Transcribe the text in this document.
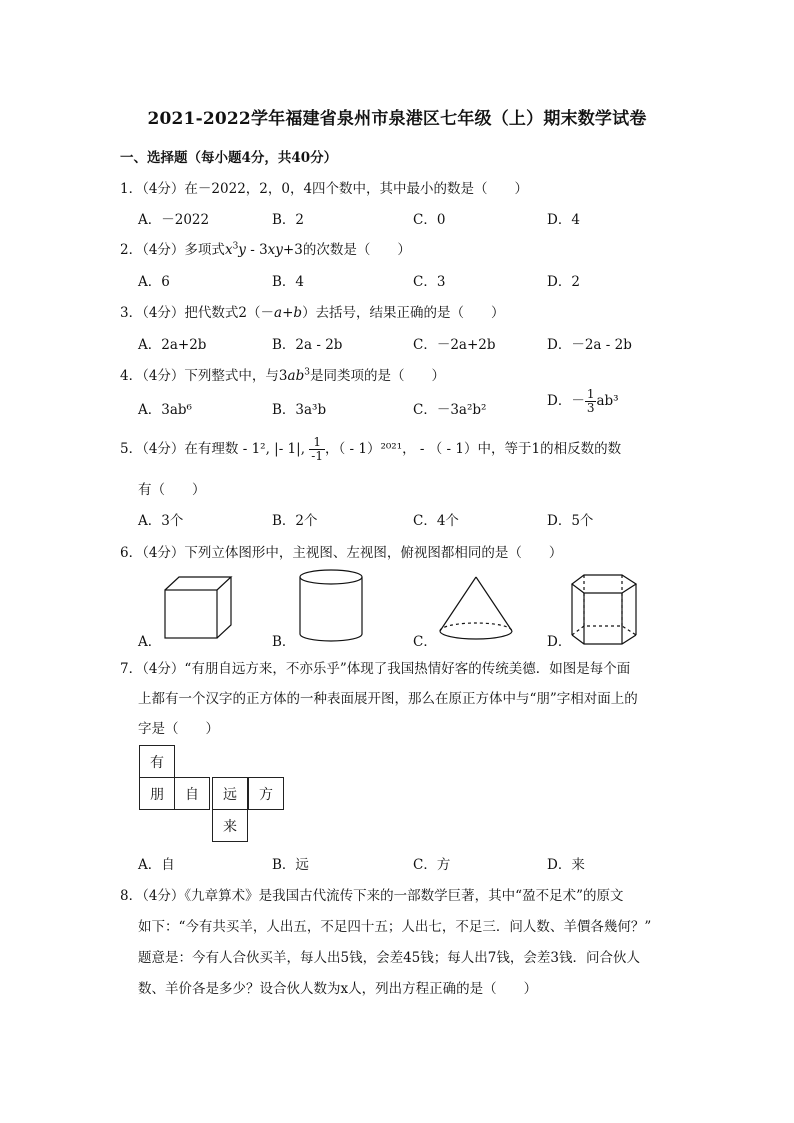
2021-2022学年福建省泉州市泉港区七年级（上）期末数学试卷
一、选择题（每小题4分，共40分）
1．（4分）在－2022，2，0，4四个数中，其中最小的数是（　　）
A．－2022	B．2	C．0	D．4
2．（4分）多项式$x^3y - 3xy+3$的次数是（　　）
A．6	B．4	C．3	D．2
3．（4分）把代数式2（－a+b）去括号，结果正确的是（　　）
A．2a+2b	B．2a - 2b	C．－2a+2b	D．－2a - 2b
4．（4分）下列整式中，与$3ab^3$是同类项的是（　　）
A．3ab⁶	B．3a³b	C．－3a²b²
D．－ $\frac{1}{3} ab^3$
5．（4分）在有理数 - 1², |- 1|, $\frac{1}{-1}$ ，（ - 1）²⁰²¹， - （ - 1）中，等于1的相反数的数
有（　　）
A．3个	B．2个	C．4个	D．5个
6．（4分）下列立体图形中，主视图、左视图，俯视图都相同的是（　　）
A．	B．	C．	D．
7．（4分）“有朋自远方来，不亦乐乎”体现了我国热情好客的传统美德．如图是每个面
上都有一个汉字的正方体的一种表面展开图，那么在原正方体中与“朋”字相对面上的
字是（　　）
有
朋	自	远	方
来
A．自	B．远	C．方	D．来
8．（4分）《九章算术》是我国古代流传下来的一部数学巨著，其中“盈不足术”的原文
如下：“今有共买羊，人出五，不足四十五；人出七，不足三．问人数、羊價各幾何？”
题意是：今有人合伙买羊，每人出5钱，会差45钱；每人出7钱，会差3钱．问合伙人
数、羊价各是多少？设合伙人数为x人，列出方程正确的是（　　）
